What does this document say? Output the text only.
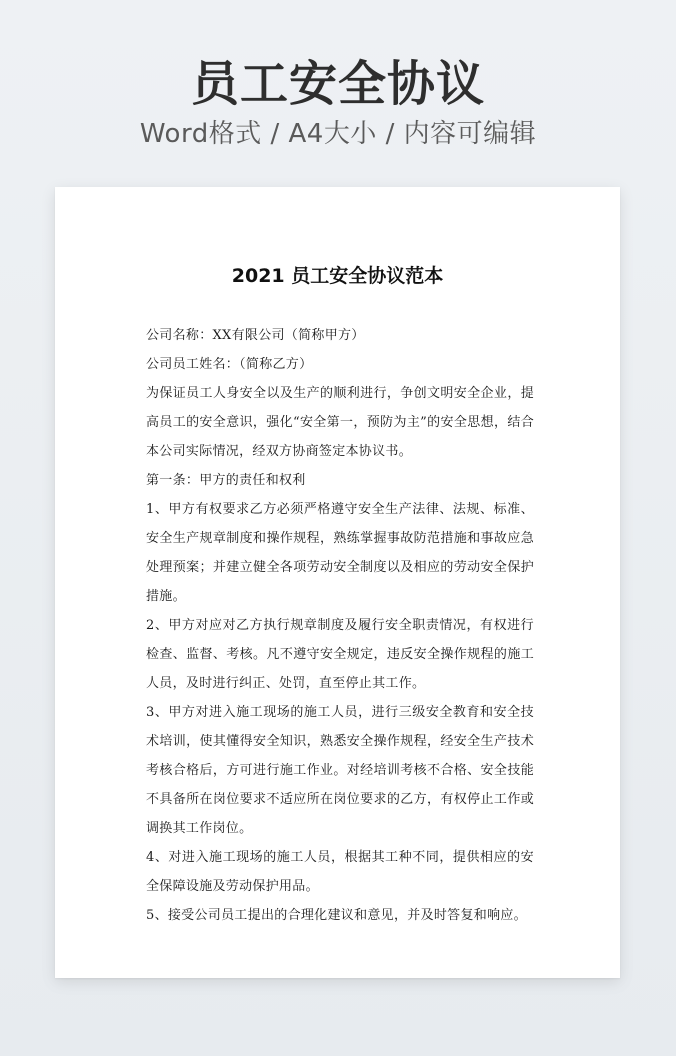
员工安全协议
Word格式 / A4大小 / 内容可编辑
2021 员工安全协议范本

公司名称：XX有限公司（简称甲方）

公司员工姓名：（简称乙方）

为保证员工人身安全以及生产的顺利进行，争创文明安全企业，提高员工的安全意识，强化“安全第一，预防为主”的安全思想，结合本公司实际情况，经双方协商签定本协议书。

第一条：甲方的责任和权利

1、甲方有权要求乙方必须严格遵守安全生产法律、法规、标准、安全生产规章制度和操作规程，熟练掌握事故防范措施和事故应急处理预案；并建立健全各项劳动安全制度以及相应的劳动安全保护措施。

2、甲方对应对乙方执行规章制度及履行安全职责情况，有权进行检查、监督、考核。凡不遵守安全规定，违反安全操作规程的施工人员，及时进行纠正、处罚，直至停止其工作。

3、甲方对进入施工现场的施工人员，进行三级安全教育和安全技术培训，使其懂得安全知识，熟悉安全操作规程，经安全生产技术考核合格后，方可进行施工作业。对经培训考核不合格、安全技能不具备所在岗位要求不适应所在岗位要求的乙方，有权停止工作或调换其工作岗位。

4、对进入施工现场的施工人员，根据其工种不同，提供相应的安全保障设施及劳动保护用品。

5、接受公司员工提出的合理化建议和意见，并及时答复和响应。
